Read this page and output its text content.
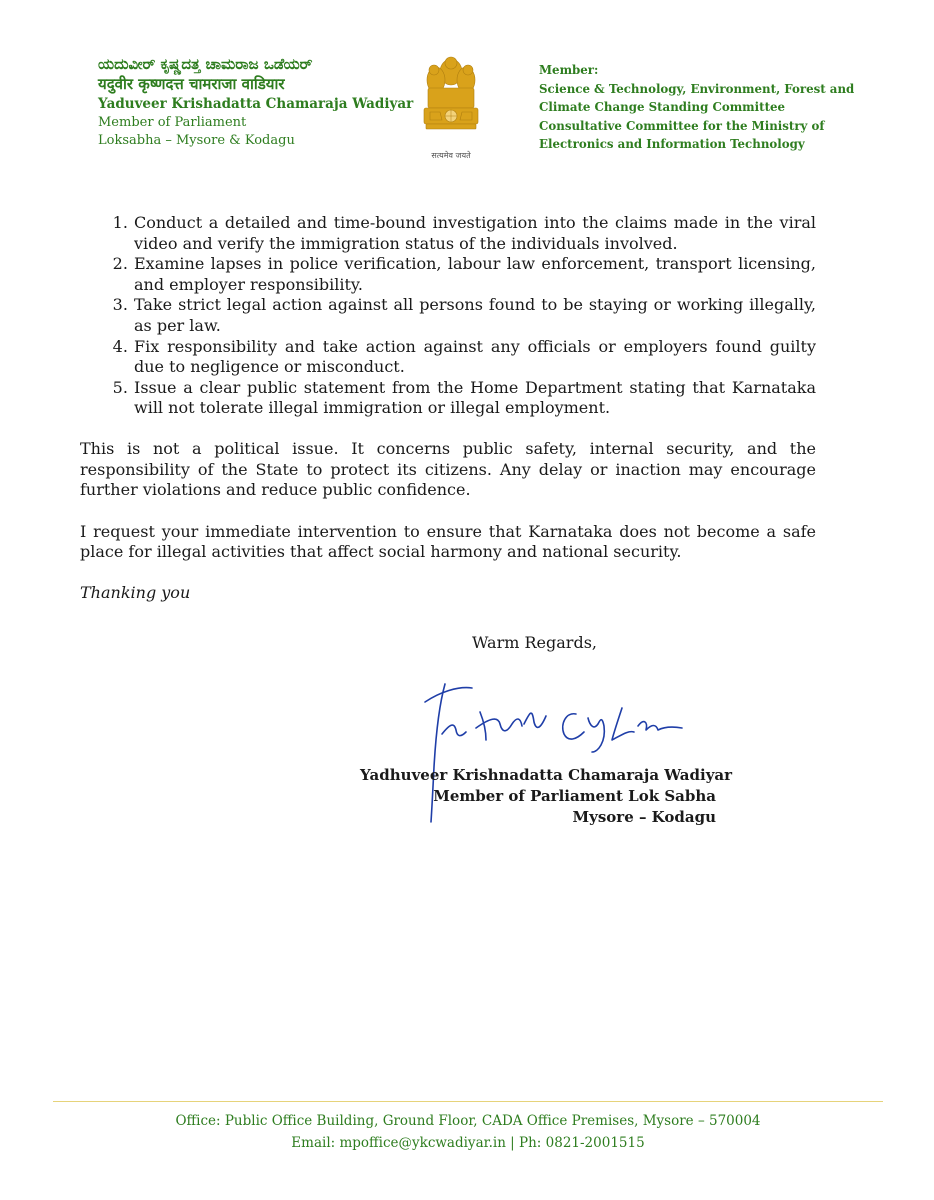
ಯದುವೀರ್ ಕೃಷ್ಣದತ್ತ ಚಾಮರಾಜ ಒಡೆಯರ್
यदुवीर कृष्णदत्त चामराजा वाडियार
Yaduveer Krishadatta Chamaraja Wadiyar
Member of Parliament
Loksabha – Mysore & Kodagu
सत्यमेव जयते
Member:
Science & Technology, Environment, Forest and
Climate Change Standing Committee
Consultative Committee for the Ministry of
Electronics and Information Technology
1. Conduct a detailed and time-bound investigation into the claims made in the viral video and verify the immigration status of the individuals involved.
2. Examine lapses in police verification, labour law enforcement, transport licensing, and employer responsibility.
3. Take strict legal action against all persons found to be staying or working illegally, as per law.
4. Fix responsibility and take action against any officials or employers found guilty due to negligence or misconduct.
5. Issue a clear public statement from the Home Department stating that Karnataka will not tolerate illegal immigration or illegal employment.

This is not a political issue. It concerns public safety, internal security, and the responsibility of the State to protect its citizens. Any delay or inaction may encourage further violations and reduce public confidence.

I request your immediate intervention to ensure that Karnataka does not become a safe place for illegal activities that affect social harmony and national security.

Thanking you

Warm Regards,
Yadhuveer Krishnadatta Chamaraja Wadiyar
Member of Parliament Lok Sabha
Mysore – Kodagu
Office: Public Office Building, Ground Floor, CADA Office Premises, Mysore – 570004
Email: mpoffice@ykcwadiyar.in | Ph: 0821-2001515
